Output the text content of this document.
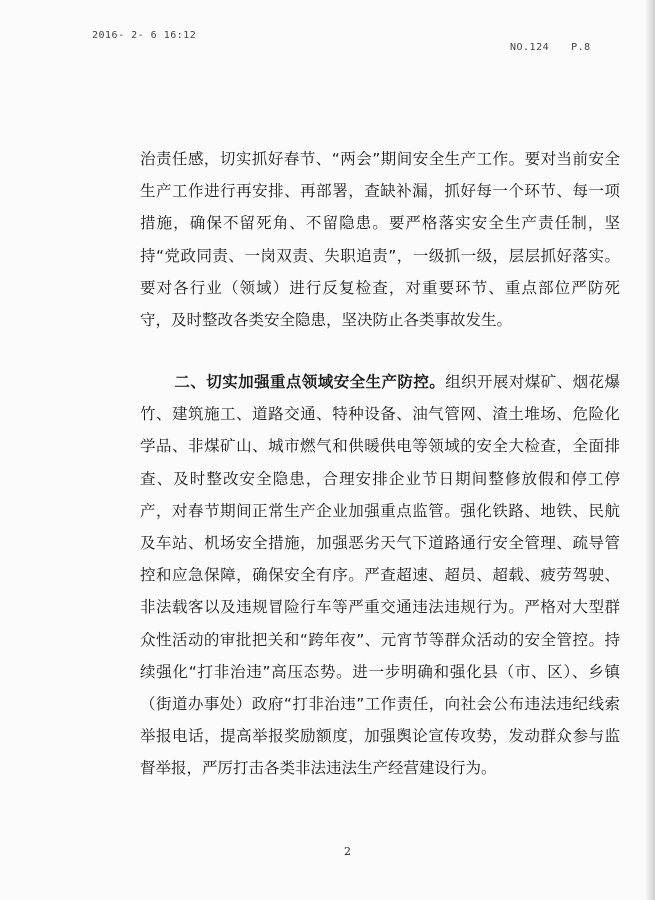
2016- 2- 6 16:12
NO.124 P.8

治责任感，切实抓好春节、“两会”期间安全生产工作。要对当前安全生产工作进行再安排、再部署，查缺补漏，抓好每一个环节、每一项措施，确保不留死角、不留隐患。要严格落实安全生产责任制，坚持“党政同责、一岗双责、失职追责”，一级抓一级，层层抓好落实。要对各行业（领域）进行反复检查，对重要环节、重点部位严防死守，及时整改各类安全隐患，坚决防止各类事故发生。

二、切实加强重点领域安全生产防控。组织开展对煤矿、烟花爆竹、建筑施工、道路交通、特种设备、油气管网、渣土堆场、危险化学品、非煤矿山、城市燃气和供暖供电等领域的安全大检查，全面排查、及时整改安全隐患，合理安排企业节日期间整修放假和停工停产，对春节期间正常生产企业加强重点监管。强化铁路、地铁、民航及车站、机场安全措施，加强恶劣天气下道路通行安全管理、疏导管控和应急保障，确保安全有序。严查超速、超员、超载、疲劳驾驶、非法载客以及违规冒险行车等严重交通违法违规行为。严格对大型群众性活动的审批把关和“跨年夜”、元宵节等群众活动的安全管控。持续强化“打非治违”高压态势。进一步明确和强化县（市、区）、乡镇（街道办事处）政府“打非治违”工作责任，向社会公布违法违纪线索举报电话，提高举报奖励额度，加强舆论宣传攻势，发动群众参与监督举报，严厉打击各类非法违法生产经营建设行为。

2
